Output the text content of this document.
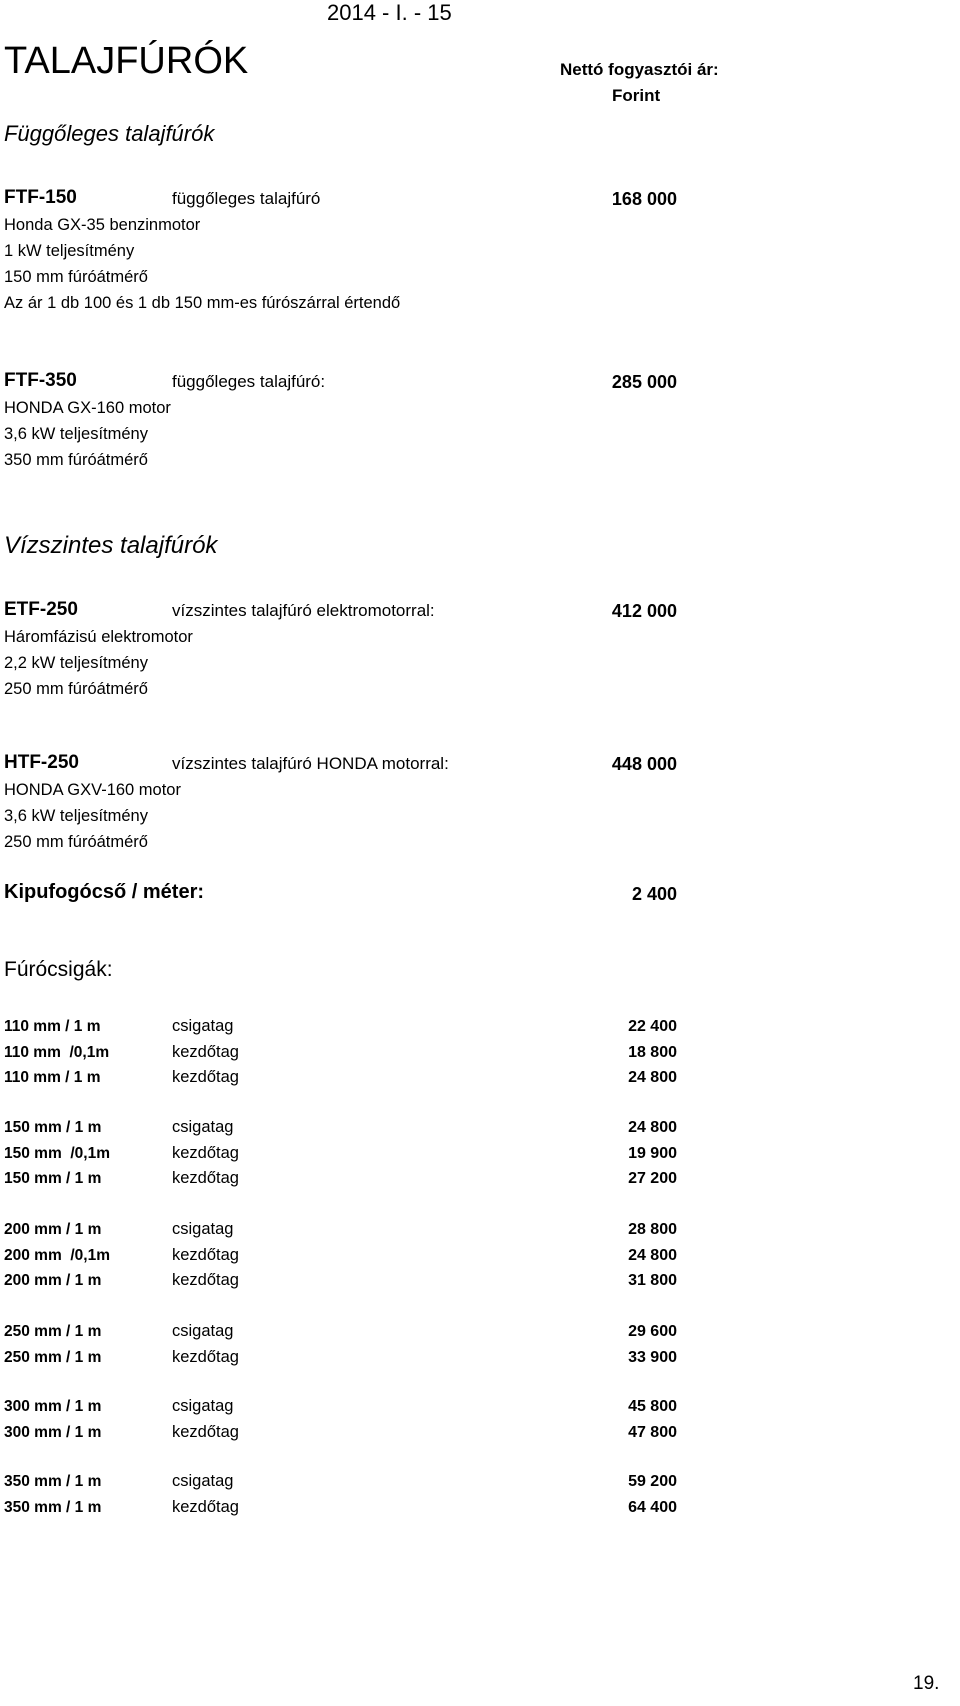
2014 - I. - 15
TALAJFÚRÓK	Nettó fogyasztói ár:
Forint
Függőleges talajfúrók
FTF-150	függőleges talajfúró	168 000
Honda GX-35 benzinmotor
1 kW teljesítmény
150 mm fúróátmérő
Az ár 1 db 100 és 1 db 150 mm-es fúrószárral értendő
FTF-350	függőleges talajfúró:	285 000
HONDA GX-160 motor
3,6 kW teljesítmény
350 mm fúróátmérő
Vízszintes talajfúrók
ETF-250	vízszintes talajfúró elektromotorral:	412 000
Háromfázisú elektromotor
2,2 kW teljesítmény
250 mm fúróátmérő
HTF-250	vízszintes talajfúró HONDA motorral:	448 000
HONDA GXV-160 motor
3,6 kW teljesítmény
250 mm fúróátmérő
Kipufogócső / méter:	2 400
Fúrócsigák:
110 mm / 1 m	csigatag	22 400
110 mm  /0,1m	kezdőtag	18 800
110 mm / 1 m	kezdőtag	24 800
150 mm / 1 m	csigatag	24 800
150 mm  /0,1m	kezdőtag	19 900
150 mm / 1 m	kezdőtag	27 200
200 mm / 1 m	csigatag	28 800
200 mm  /0,1m	kezdőtag	24 800
200 mm / 1 m	kezdőtag	31 800
250 mm / 1 m	csigatag	29 600
250 mm / 1 m	kezdőtag	33 900
300 mm / 1 m	csigatag	45 800
300 mm / 1 m	kezdőtag	47 800
350 mm / 1 m	csigatag	59 200
350 mm / 1 m	kezdőtag	64 400
19.
